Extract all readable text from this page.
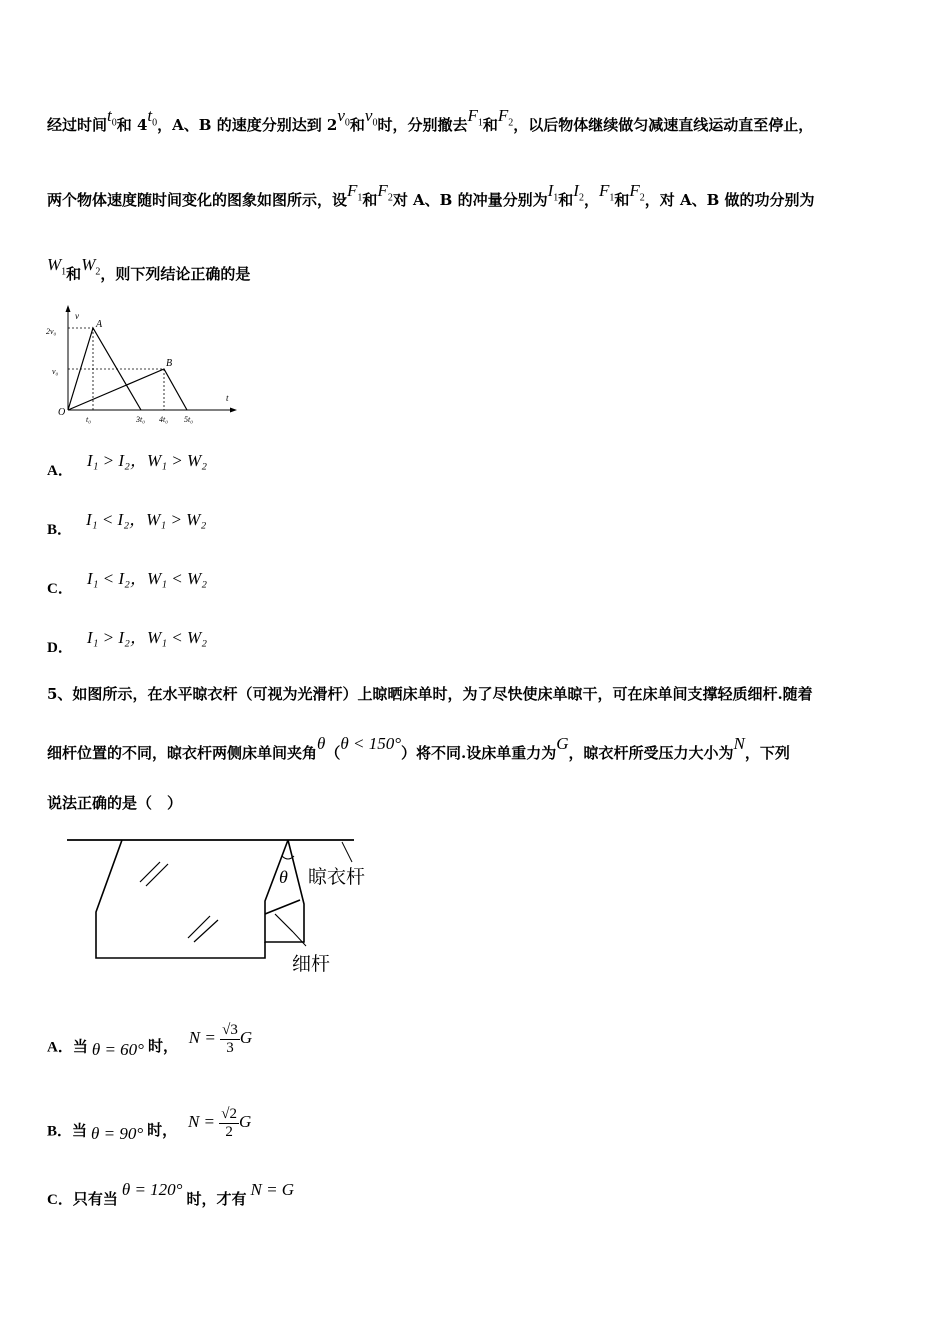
经过时间$t_0$和 $4t_0$，A、B 的速度分别达到 $2v_0$和$v_0$时，分别撤去$F_1$和$F_2$，以后物体继续做匀减速直线运动直至停止，
两个物体速度随时间变化的图象如图所示，设$F_1$和$F_2$对 A、B 的冲量分别为$I_1$和$I_2$，$F_1$和$F_2$，对 A、B 做的功分别为
$W_1$和$W_2$，则下列结论正确的是
v
t
O
2v₀
v₀
t₀	3t₀ 4t₀ 5t₀
A
B
A．I₁ > I₂，W₁ > W₂
B．I₁ < I₂，W₁ > W₂
C．I₁ < I₂，W₁ < W₂
D．I₁ > I₂，W₁ < W₂
5、如图所示，在水平晾衣杆（可视为光滑杆）上晾晒床单时，为了尽快使床单晾干，可在床单间支撑轻质细杆.随着
细杆位置的不同，晾衣杆两侧床单间夹角θ（θ < 150°）将不同.设床单重力为G，晾衣杆所受压力大小为N，下列
说法正确的是（　）
θ 晾衣杆
细杆
A．当 θ = 60° 时， $N = \frac{√3}{3}$ G
B．当 θ = 90° 时， $N = \frac{√2}{2}$ G
C．只有当 θ = 120° 时，才有 N = G
